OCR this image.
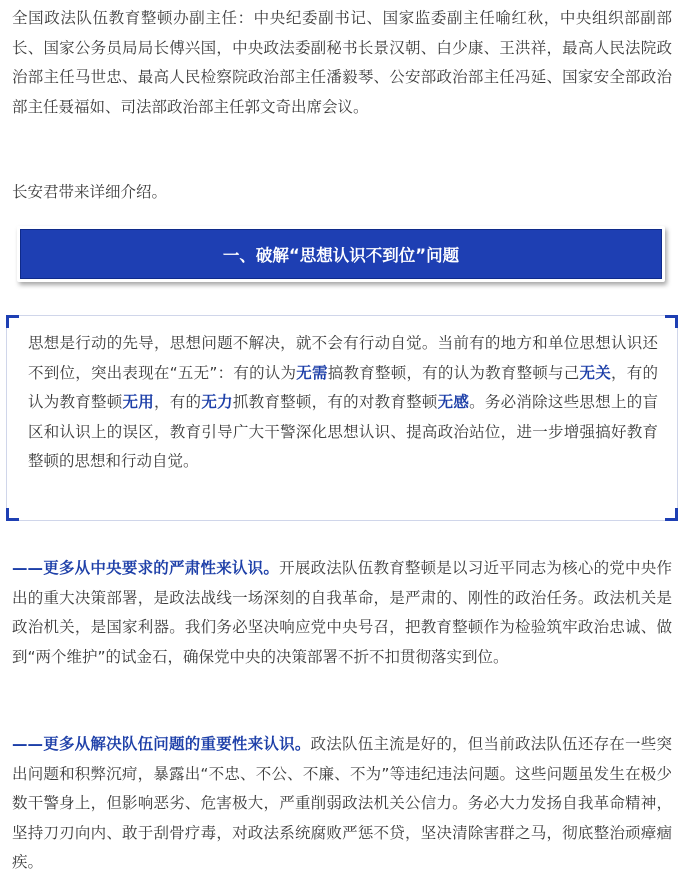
全国政法队伍教育整顿办副主任：中央纪委副书记、国家监委副主任喻红秋，中央组织部副部长、国家公务员局局长傅兴国，中央政法委副秘书长景汉朝、白少康、王洪祥，最高人民法院政治部主任马世忠、最高人民检察院政治部主任潘毅琴、公安部政治部主任冯延、国家安全部政治部主任聂福如、司法部政治部主任郭文奇出席会议。

长安君带来详细介绍。

一、破解“思想认识不到位”问题

思想是行动的先导，思想问题不解决，就不会有行动自觉。当前有的地方和单位思想认识还不到位，突出表现在“五无”：有的认为无需搞教育整顿，有的认为教育整顿与己无关，有的认为教育整顿无用，有的无力抓教育整顿，有的对教育整顿无感。务必消除这些思想上的盲区和认识上的误区，教育引导广大干警深化思想认识、提高政治站位，进一步增强搞好教育整顿的思想和行动自觉。

——更多从中央要求的严肃性来认识。开展政法队伍教育整顿是以习近平同志为核心的党中央作出的重大决策部署，是政法战线一场深刻的自我革命，是严肃的、刚性的政治任务。政法机关是政治机关，是国家利器。我们务必坚决响应党中央号召，把教育整顿作为检验筑牢政治忠诚、做到“两个维护”的试金石，确保党中央的决策部署不折不扣贯彻落实到位。

——更多从解决队伍问题的重要性来认识。政法队伍主流是好的，但当前政法队伍还存在一些突出问题和积弊沉疴，暴露出“不忠、不公、不廉、不为”等违纪违法问题。这些问题虽发生在极少数干警身上，但影响恶劣、危害极大，严重削弱政法机关公信力。务必大力发扬自我革命精神，坚持刀刃向内、敢于刮骨疗毒，对政法系统腐败严惩不贷，坚决清除害群之马，彻底整治顽瘴痼疾。
